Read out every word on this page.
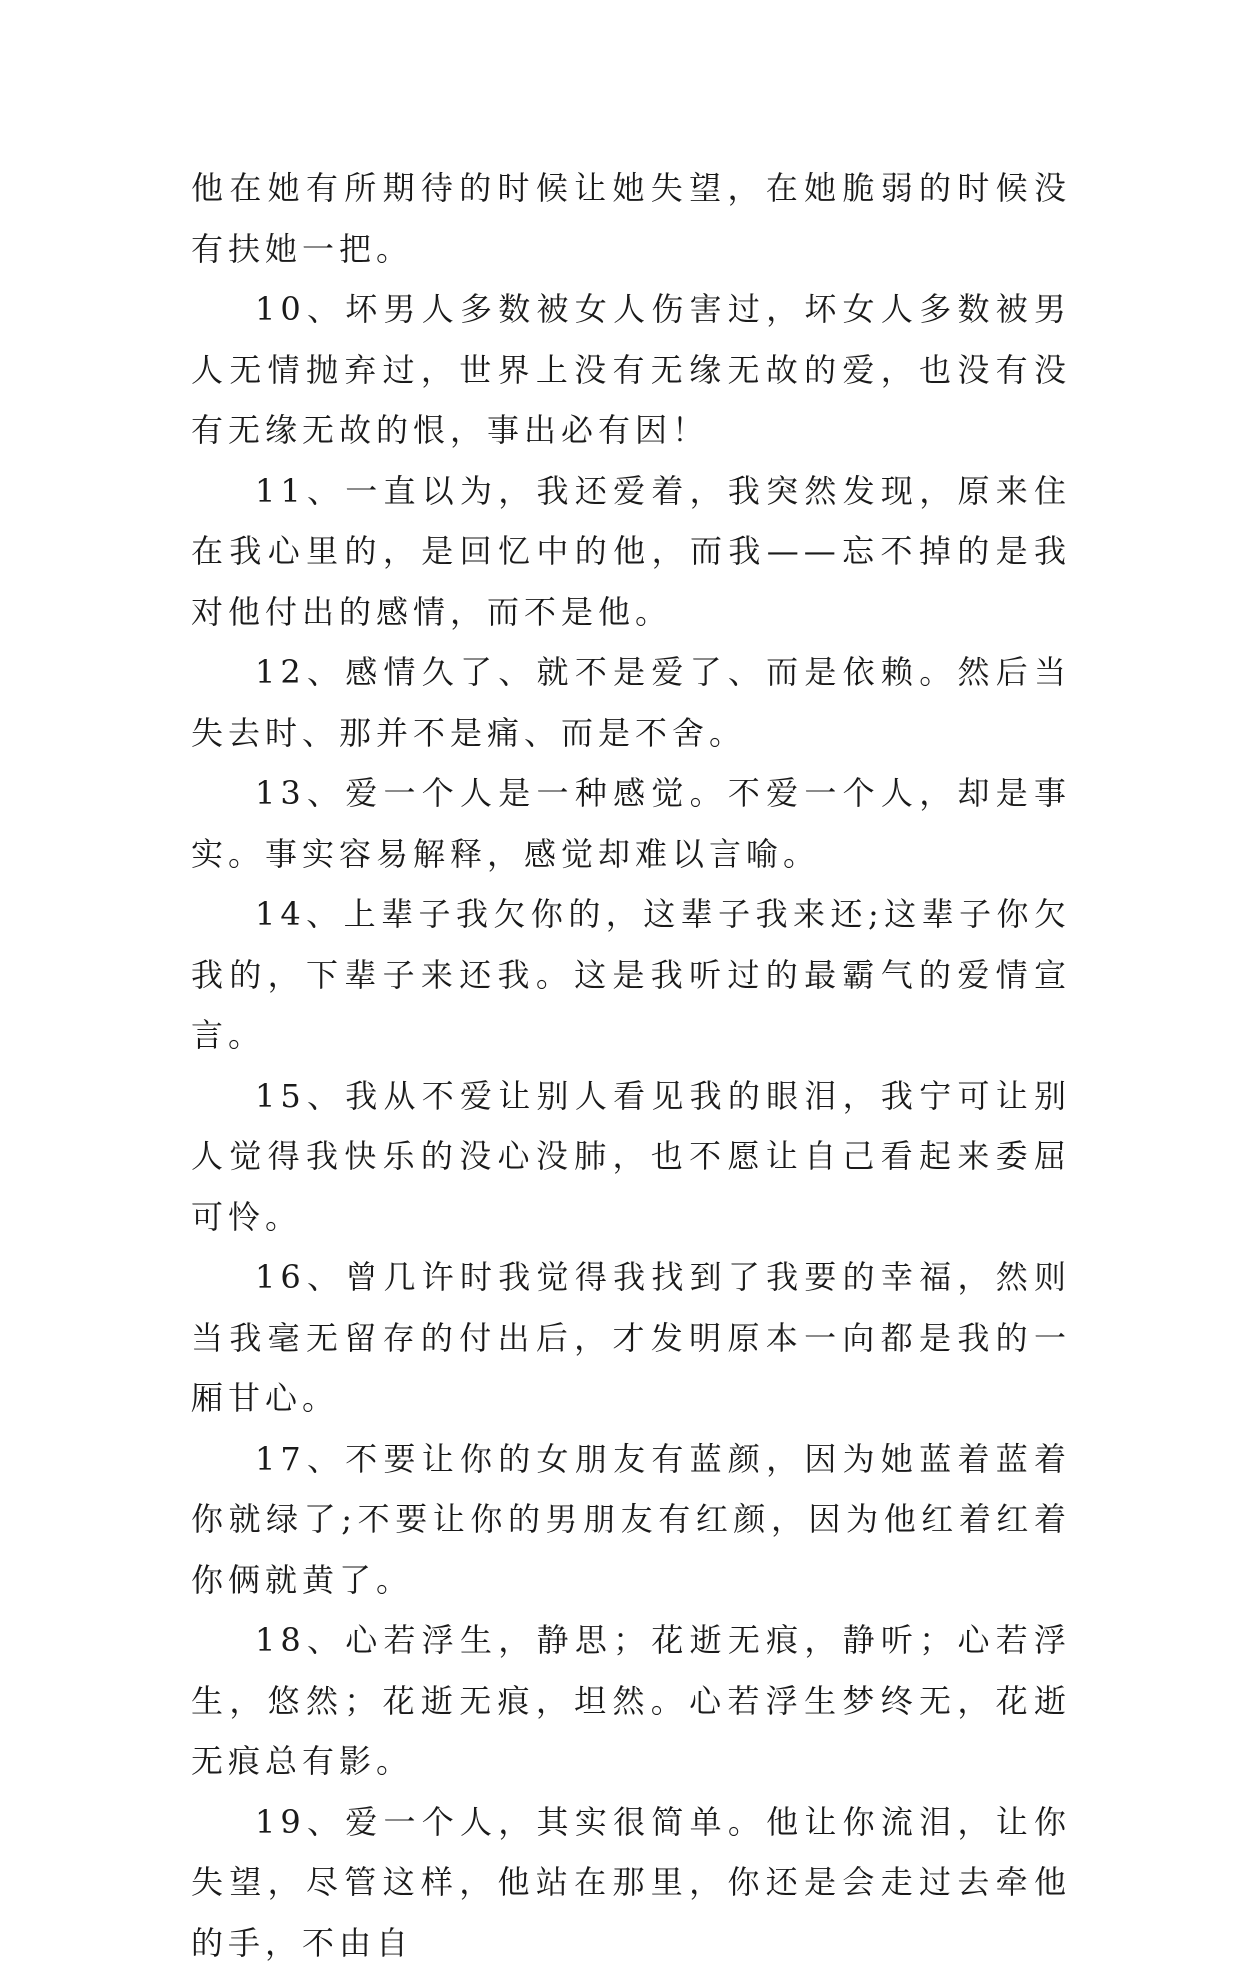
他在她有所期待的时候让她失望，在她脆弱的时候没有扶她一把。

10、坏男人多数被女人伤害过，坏女人多数被男人无情抛弃过，世界上没有无缘无故的爱，也没有没有无缘无故的恨，事出必有因！

11、一直以为，我还爱着，我突然发现，原来住在我心里的，是回忆中的他，而我——忘不掉的是我对他付出的感情，而不是他。

12、感情久了、就不是爱了、而是依赖。然后当失去时、那并不是痛、而是不舍。

13、爱一个人是一种感觉。不爱一个人，却是事实。事实容易解释，感觉却难以言喻。

14、上辈子我欠你的，这辈子我来还;这辈子你欠我的，下辈子来还我。这是我听过的最霸气的爱情宣言。

15、我从不爱让别人看见我的眼泪，我宁可让别人觉得我快乐的没心没肺，也不愿让自己看起来委屈可怜。

16、曾几许时我觉得我找到了我要的幸福，然则当我毫无留存的付出后，才发明原本一向都是我的一厢甘心。

17、不要让你的女朋友有蓝颜，因为她蓝着蓝着你就绿了;不要让你的男朋友有红颜，因为他红着红着你俩就黄了。

18、心若浮生，静思；花逝无痕，静听；心若浮生，悠然；花逝无痕，坦然。心若浮生梦终无，花逝无痕总有影。

19、爱一个人，其实很简单。他让你流泪，让你失望，尽管这样，他站在那里，你还是会走过去牵他的手，不由自
